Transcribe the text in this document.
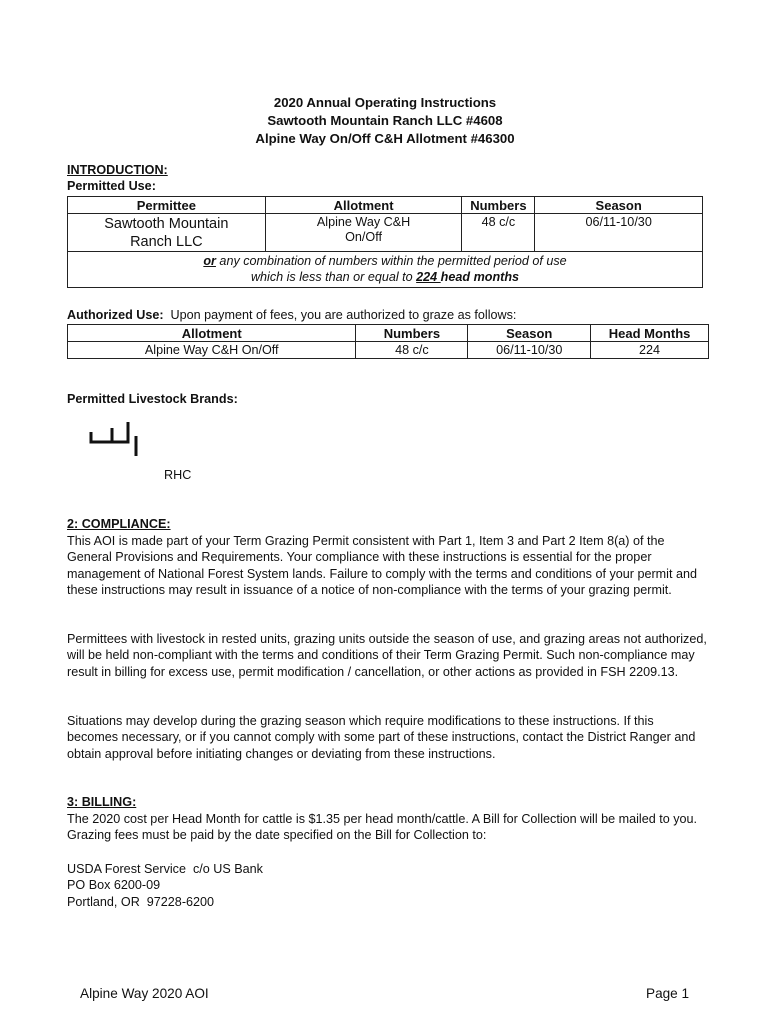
2020 Annual Operating Instructions
Sawtooth Mountain Ranch LLC #4608
Alpine Way On/Off C&H Allotment #46300
INTRODUCTION:
Permitted Use:
Permittee	Allotment	Numbers	Season
Sawtooth Mountain Ranch LLC	Alpine Way C&H On/Off	48 c/c	06/11-10/30
or any combination of numbers within the permitted period of use
which is less than or equal to 224 head months			
Authorized Use:  Upon payment of fees, you are authorized to graze as follows:
Allotment	Numbers	Season	Head Months
Alpine Way C&H On/Off	48 c/c	06/11-10/30	224
Permitted Livestock Brands:
RHC
2: COMPLIANCE:
This AOI is made part of your Term Grazing Permit consistent with Part 1, Item 3 and Part 2 Item 8(a) of the General Provisions and Requirements. Your compliance with these instructions is essential for the proper management of National Forest System lands. Failure to comply with the terms and conditions of your permit and these instructions may result in issuance of a notice of non-compliance with the terms of your grazing permit.
Permittees with livestock in rested units, grazing units outside the season of use, and grazing areas not authorized, will be held non-compliant with the terms and conditions of their Term Grazing Permit. Such non-compliance may result in billing for excess use, permit modification / cancellation, or other actions as provided in FSH 2209.13.
Situations may develop during the grazing season which require modifications to these instructions. If this becomes necessary, or if you cannot comply with some part of these instructions, contact the District Ranger and obtain approval before initiating changes or deviating from these instructions.
3: BILLING:
The 2020 cost per Head Month for cattle is $1.35 per head month/cattle. A Bill for Collection will be mailed to you. Grazing fees must be paid by the date specified on the Bill for Collection to:
USDA Forest Service  c/o US Bank
PO Box 6200-09
Portland, OR  97228-6200
Alpine Way 2020 AOI	Page 1
